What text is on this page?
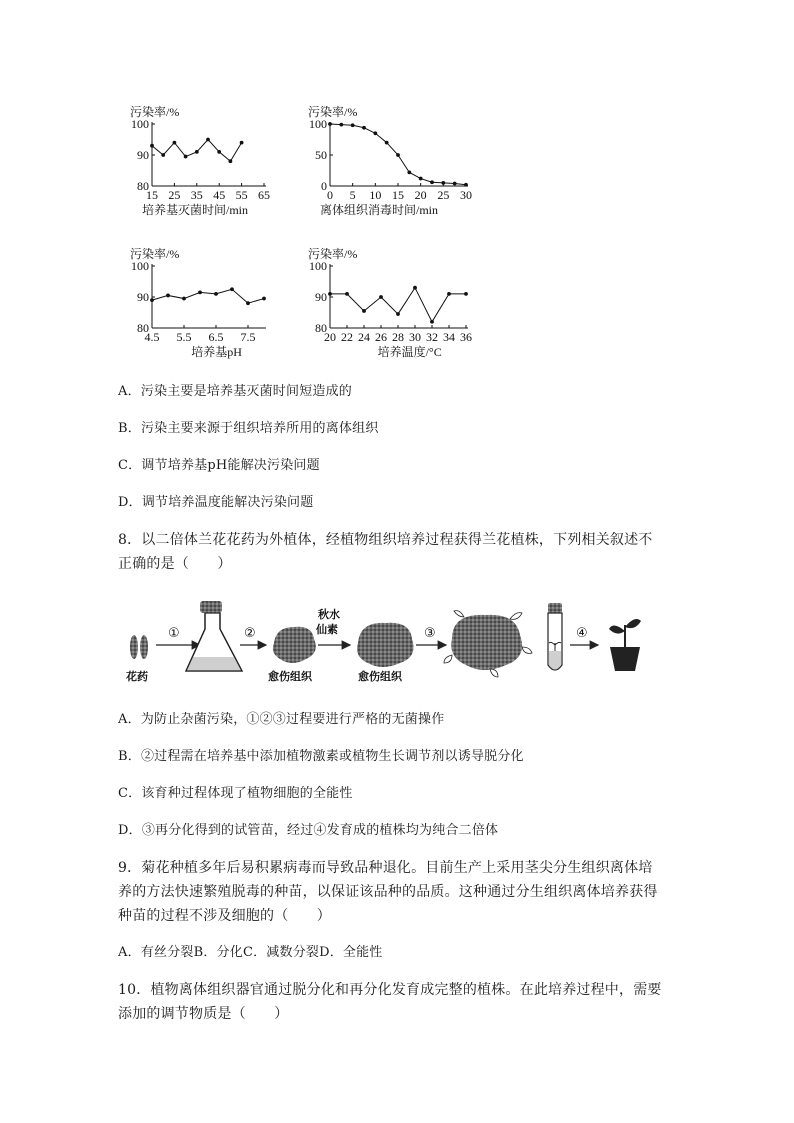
污染率/%
80
90
100
15 25 35 45 55 65
培养基灭菌时间/min
污染率/%
0
50
100
0 5 10 15 20 25 30
离体组织消毒时间/min
污染率/%
80
90
100
4.5 5.5 6.5 7.5
培养基pH
污染率/%
80
90
100
20 22 24 26 28 30 32 34 36
培养温度/°C
A．污染主要是培养基灭菌时间短造成的
B．污染主要来源于组织培养所用的离体组织
C．调节培养基pH能解决污染问题
D．调节培养温度能解决污染问题
8．以二倍体兰花花药为外植体，经植物组织培养过程获得兰花植株，下列相关叙述不
正确的是（　　）
花药
①	②
愈伤组织
秋水
仙素
愈伤组织
③	④
A．为防止杂菌污染，①②③过程要进行严格的无菌操作
B．②过程需在培养基中添加植物激素或植物生长调节剂以诱导脱分化
C．该育种过程体现了植物细胞的全能性
D．③再分化得到的试管苗，经过④发育成的植株均为纯合二倍体
9．菊花种植多年后易积累病毒而导致品种退化。目前生产上采用茎尖分生组织离体培
养的方法快速繁殖脱毒的种苗，以保证该品种的品质。这种通过分生组织离体培养获得
种苗的过程不涉及细胞的（　　）
A．有丝分裂B．分化C．减数分裂D．全能性
10．植物离体组织器官通过脱分化和再分化发育成完整的植株。在此培养过程中，需要
添加的调节物质是（　　）
